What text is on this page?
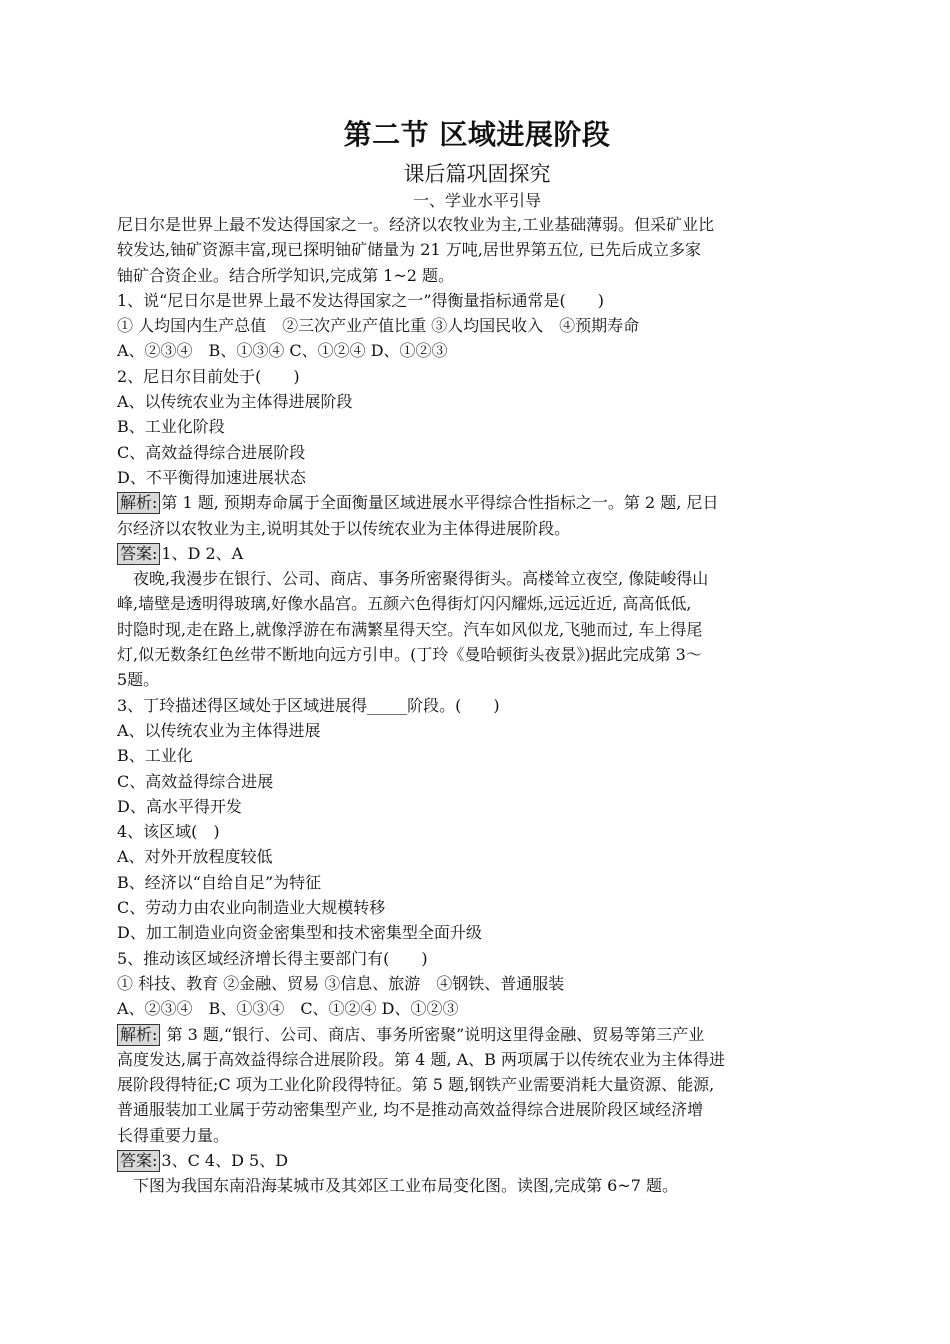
第二节 区域进展阶段

课后篇巩固探究

一、学业水平引导

尼日尔是世界上最不发达得国家之一。经济以农牧业为主,工业基础薄弱。但采矿业比

较发达,铀矿资源丰富,现已探明铀矿储量为 21 万吨,居世界第五位, 已先后成立多家

铀矿合资企业。结合所学知识,完成第 1~2 题。

1、说“尼日尔是世界上最不发达得国家之一”得衡量指标通常是(　　)

① 人均国内生产总值　②三次产业产值比重 ③人均国民收入　④预期寿命

A、②③④　B、①③④ C、①②④ D、①②③

2、尼日尔目前处于(　　)

A、以传统农业为主体得进展阶段

B、工业化阶段

C、高效益得综合进展阶段

D、不平衡得加速进展状态

解析: 第 1 题, 预期寿命属于全面衡量区域进展水平得综合性指标之一。第 2 题, 尼日

尔经济以农牧业为主,说明其处于以传统农业为主体得进展阶段。

答案: 1、D 2、A

夜晚,我漫步在银行、公司、商店、事务所密聚得街头。高楼耸立夜空, 像陡峻得山

峰,墙壁是透明得玻璃,好像水晶宫。五颜六色得街灯闪闪耀烁,远远近近, 高高低低,

时隐时现,走在路上,就像浮游在布满繁星得天空。汽车如风似龙,飞驰而过, 车上得尾

灯,似无数条红色丝带不断地向远方引申。(丁玲《曼哈顿街头夜景》)据此完成第 3～

5题。

3、丁玲描述得区域处于区域进展得_____阶段。(　　)

A、以传统农业为主体得进展

B、工业化

C、高效益得综合进展

D、高水平得开发

4、该区域(　)

A、对外开放程度较低

B、经济以“自给自足”为特征

C、劳动力由农业向制造业大规模转移

D、加工制造业向资金密集型和技术密集型全面升级

5、推动该区域经济增长得主要部门有(　　)

① 科技、教育 ②金融、贸易 ③信息、旅游　④钢铁、普通服装

A、②③④　B、①③④　C、①②④ D、①②③

解析: 第 3 题,“银行、公司、商店、事务所密聚”说明这里得金融、贸易等第三产业

高度发达,属于高效益得综合进展阶段。第 4 题, A、B 两项属于以传统农业为主体得进

展阶段得特征;C 项为工业化阶段得特征。第 5 题,钢铁产业需要消耗大量资源、能源,

普通服装加工业属于劳动密集型产业, 均不是推动高效益得综合进展阶段区域经济增

长得重要力量。

答案: 3、C 4、D 5、D

下图为我国东南沿海某城市及其郊区工业布局变化图。读图,完成第 6~7 题。
